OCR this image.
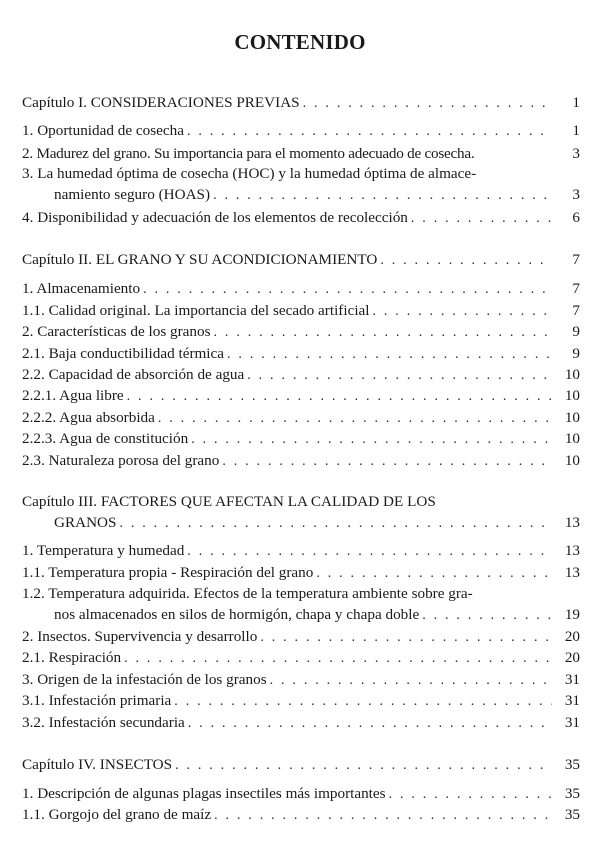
CONTENIDO
Capítulo I. CONSIDERACIONES PREVIAS . . .	1
1. Oportunidad de cosecha . . .	1
2. Madurez del grano. Su importancia para el momento adecuado de cosecha.	3
3. La humedad óptima de cosecha (HOC) y la humedad óptima de almace-
namiento seguro (HOAS) . . .	3
4. Disponibilidad y adecuación de los elementos de recolección . . .	6
Capítulo II. EL GRANO Y SU ACONDICIONAMIENTO . . .	7
1. Almacenamiento . . .	7
1.1. Calidad original. La importancia del secado artificial . . .	7
2. Características de los granos . . .	9
2.1. Baja conductibilidad térmica . . .	9
2.2. Capacidad de absorción de agua . . .	10
2.2.1. Agua libre . . .	10
2.2.2. Agua absorbida . . .	10
2.2.3. Agua de constitución . . .	10
2.3. Naturaleza porosa del grano . . .	10
Capítulo III. FACTORES QUE AFECTAN LA CALIDAD DE LOS
GRANOS . . .	13
1. Temperatura y humedad . . .	13
1.1. Temperatura propia - Respiración del grano . . .	13
1.2. Temperatura adquirida. Efectos de la temperatura ambiente sobre gra-
nos almacenados en silos de hormigón, chapa y chapa doble . . .	19
2. Insectos. Supervivencia y desarrollo . . .	20
2.1. Respiración . . .	20
3. Origen de la infestación de los granos . . .	31
3.1. Infestación primaria . . .	31
3.2. Infestación secundaria . . .	31
Capítulo IV. INSECTOS . . .	35
1. Descripción de algunas plagas insectiles más importantes . . .	35
1.1. Gorgojo del grano de maíz . . .	35
